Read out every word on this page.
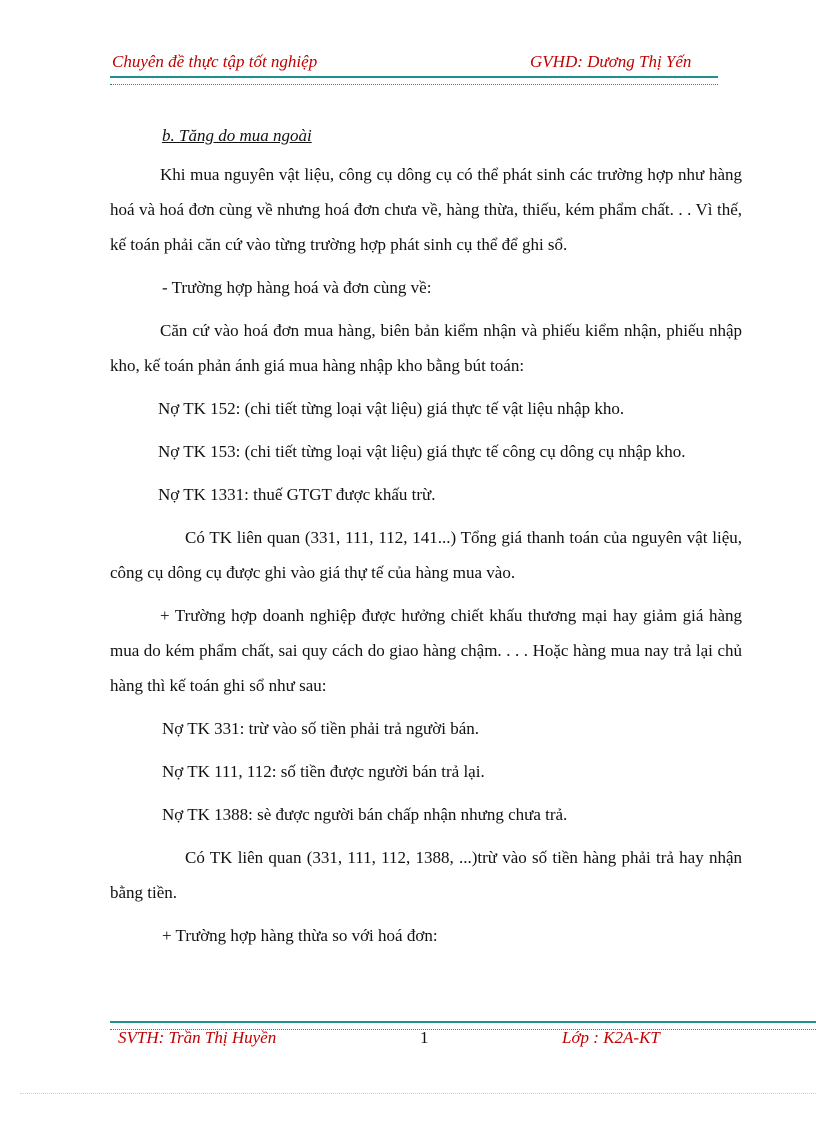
Chuyên đề thực tập tốt nghiệp	GVHD: Dương Thị Yến

b. Tăng do mua ngoài

Khi mua nguyên vật liệu, công cụ dông cụ có thể phát sinh các trường hợp như hàng hoá và hoá đơn cùng về nhưng hoá đơn chưa về, hàng thừa, thiếu, kém phẩm chất. . . Vì thế, kế toán phải căn cứ vào từng trường hợp phát sinh cụ thể để ghi sổ.

- Trường hợp hàng hoá và đơn cùng về:

Căn cứ vào hoá đơn mua hàng, biên bản kiểm nhận và phiếu kiểm nhận, phiếu nhập kho, kế toán phản ánh giá mua hàng nhập kho bằng bút toán:

Nợ TK 152: (chi tiết từng loại vật liệu) giá thực tế vật liệu nhập kho.

Nợ TK 153: (chi tiết từng loại vật liệu) giá thực tế công cụ dông cụ nhập kho.

Nợ TK 1331: thuế GTGT được khấu trừ.

Có TK liên quan (331, 111, 112, 141...) Tổng giá thanh toán của nguyên vật liệu, công cụ dông cụ được ghi vào giá thự tế của hàng mua vào.

+ Trường hợp doanh nghiệp được hưởng chiết khấu thương mại hay giảm giá hàng mua do kém phẩm chất, sai quy cách do giao hàng chậm. . . . Hoặc hàng mua nay trả lại chủ hàng thì kế toán ghi sổ như sau:

Nợ TK 331: trừ vào số tiền phải trả người bán.

Nợ TK 111, 112: số tiền được người bán trả lại.

Nợ TK 1388: sè được người bán chấp nhận nhưng chưa trả.

Có TK liên quan (331, 111, 112, 1388, ...)trừ vào số tiền hàng phải trả hay nhận bằng tiền.

+ Trường hợp hàng thừa so với hoá đơn:

SVTH: Trần Thị Huyền	1	Lớp : K2A-KT
